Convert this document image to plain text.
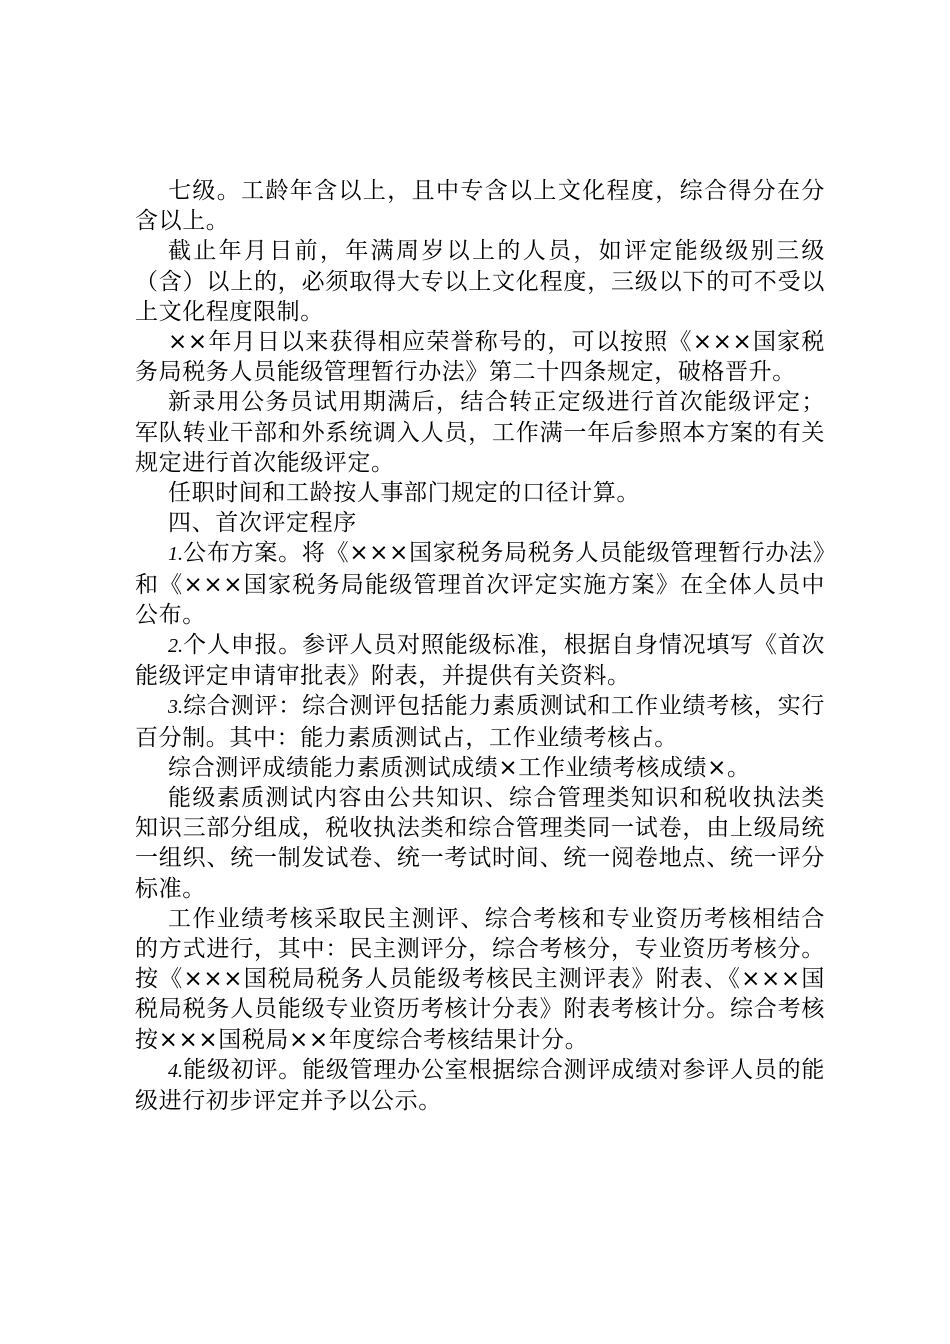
七级。工龄年含以上，且中专含以上文化程度，综合得分在分含以上。

截止年月日前，年满周岁以上的人员，如评定能级级别三级（含）以上的，必须取得大专以上文化程度，三级以下的可不受以上文化程度限制。

××年月日以来获得相应荣誉称号的，可以按照《×××国家税务局税务人员能级管理暂行办法》第二十四条规定，破格晋升。

新录用公务员试用期满后，结合转正定级进行首次能级评定；军队转业干部和外系统调入人员，工作满一年后参照本方案的有关规定进行首次能级评定。

任职时间和工龄按人事部门规定的口径计算。

四、首次评定程序

1.公布方案。将《×××国家税务局税务人员能级管理暂行办法》和《×××国家税务局能级管理首次评定实施方案》在全体人员中公布。

2.个人申报。参评人员对照能级标准，根据自身情况填写《首次能级评定申请审批表》附表，并提供有关资料。

3.综合测评：综合测评包括能力素质测试和工作业绩考核，实行百分制。其中：能力素质测试占，工作业绩考核占。

综合测评成绩能力素质测试成绩×工作业绩考核成绩×。

能级素质测试内容由公共知识、综合管理类知识和税收执法类知识三部分组成，税收执法类和综合管理类同一试卷，由上级局统一组织、统一制发试卷、统一考试时间、统一阅卷地点、统一评分标准。

工作业绩考核采取民主测评、综合考核和专业资历考核相结合的方式进行，其中：民主测评分，综合考核分，专业资历考核分。按《×××国税局税务人员能级考核民主测评表》附表、《×××国税局税务人员能级专业资历考核计分表》附表考核计分。综合考核按×××国税局××年度综合考核结果计分。

4.能级初评。能级管理办公室根据综合测评成绩对参评人员的能级进行初步评定并予以公示。
